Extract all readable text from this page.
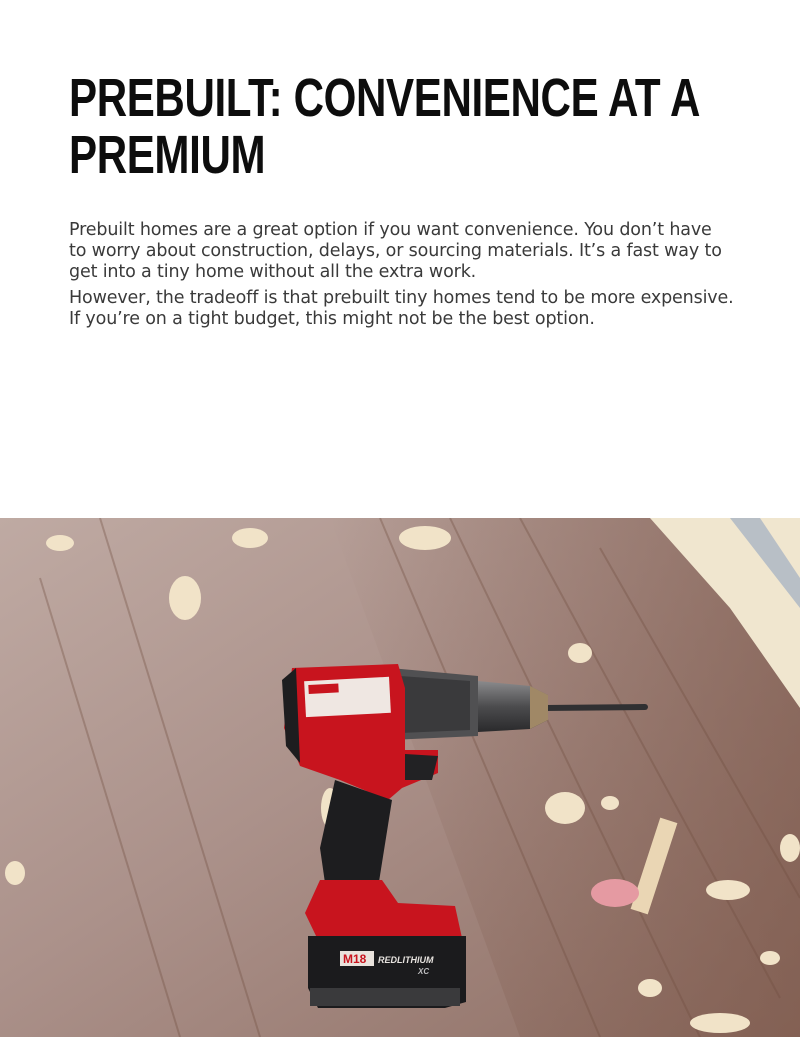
PREBUILT: CONVENIENCE AT A PREMIUM

Prebuilt homes are a great option if you want convenience. You don’t have to worry about construction, delays, or sourcing materials. It’s a fast way to get into a tiny home without all the extra work.

However, the tradeoff is that prebuilt tiny homes tend to be more expensive. If you’re on a tight budget, this might not be the best option.

M18 REDLITHIUM
XC
